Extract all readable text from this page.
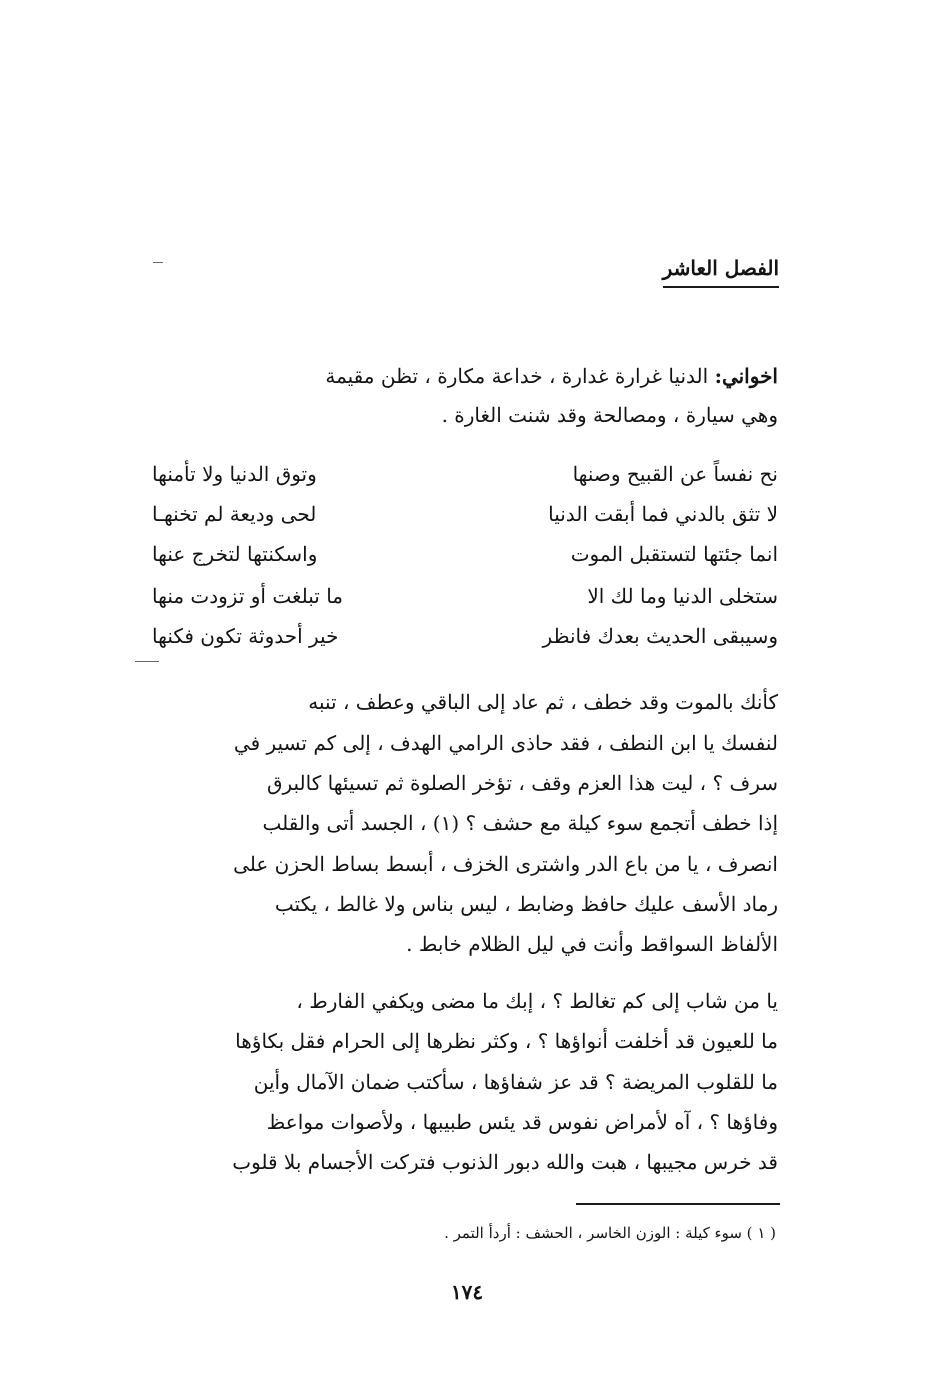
الفصل العاشر
اخواني: الدنيا غرارة غدارة ، خداعة مكارة ، تظن مقيمة
وهي سيارة ، ومصالحة وقد شنت الغارة .
نح نفساً عن القبيح وصنها
وتوق الدنيا ولا تأمنها
لا تثق بالدني فما أبقت الدنيا
لحى وديعة لم تخنهـا
انما جئتها لتستقبل الموت
واسكنتها لتخرج عنها
ستخلى الدنيا وما لك الا
ما تبلغت أو تزودت منها
وسيبقى الحديث بعدك فانظر
خير أحدوثة تكون فكنها
كأنك بالموت وقد خطف ، ثم عاد إلى الباقي وعطف ، تنبه
لنفسك يا ابن النطف ، فقد حاذى الرامي الهدف ، إلى كم تسير في
سرف ؟ ، ليت هذا العزم وقف ، تؤخر الصلوة ثم تسيئها كالبرق
إذا خطف أتجمع سوء كيلة مع حشف ؟ (١) ، الجسد أتى والقلب
انصرف ، يا من باع الدر واشترى الخزف ، أبسط بساط الحزن على
رماد الأسف عليك حافظ وضابط ، ليس بناس ولا غالط ، يكتب
الألفاظ السواقط وأنت في ليل الظلام خابط .
يا من شاب إلى كم تغالط ؟ ، إبك ما مضى ويكفي الفارط ،
ما للعيون قد أخلفت أنواؤها ؟ ، وكثر نظرها إلى الحرام فقل بكاؤها
ما للقلوب المريضة ؟ قد عز شفاؤها ، سأكتب ضمان الآمال وأين
وفاؤها ؟ ، آه لأمراض نفوس قد يئس طبيبها ، ولأصوات مواعظ
قد خرس مجيبها ، هبت والله دبور الذنوب فتركت الأجسام بلا قلوب
( ١ ) سوء كيلة : الوزن الخاسر ، الحشف : أردأ التمر .
١٧٤
